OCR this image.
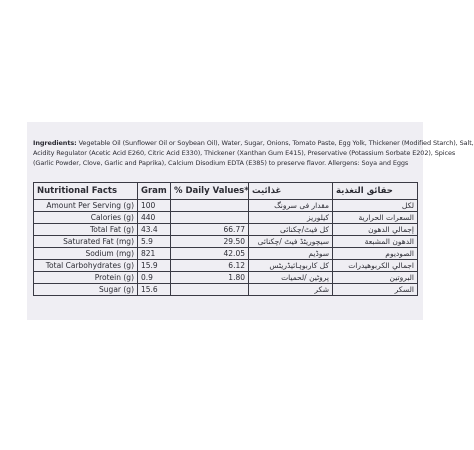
Ingredients: Vegetable Oil (Sunflower Oil or Soybean Oil), Water, Sugar, Onions, Tomato Paste, Egg Yolk, Thickener (Modified Starch), Salt,
Acidity Regulator (Acetic Acid E260, Citric Acid E330), Thickener (Xanthan Gum E415), Preservative (Potassium Sorbate E202), Spices
(Garlic Powder, Clove, Garlic and Paprika), Calcium Disodium EDTA (E385) to preserve flavor. Allergens: Soya and Eggs
Nutritional Facts	Gram	% Daily Values*	غذائيت	حقائق التغذية
Amount Per Serving (g)	100		مقدار فی سرونگ	لكل
Calories (g)	440		کیلوریز	السعرات الحرارية
Total Fat (g)	43.4	66.77	کل فیٹ/چکنائی	إجمالي الدهون
Saturated Fat (mg)	5.9	29.50	سیچوریٹڈ فیٹ /چکنائی	الدهون المشبعة
Sodium (mg)	821	42.05	سوڈیم	الصوديوم
Total Carbohydrates (g)	15.9	6.12	کل کاربوہائیڈریٹس	اجمالي الكربوهيدرات
Protein (g)	0.9	1.80	پروٹین /لحمیات	البروتين
Sugar (g)	15.6		شکر	السكر
